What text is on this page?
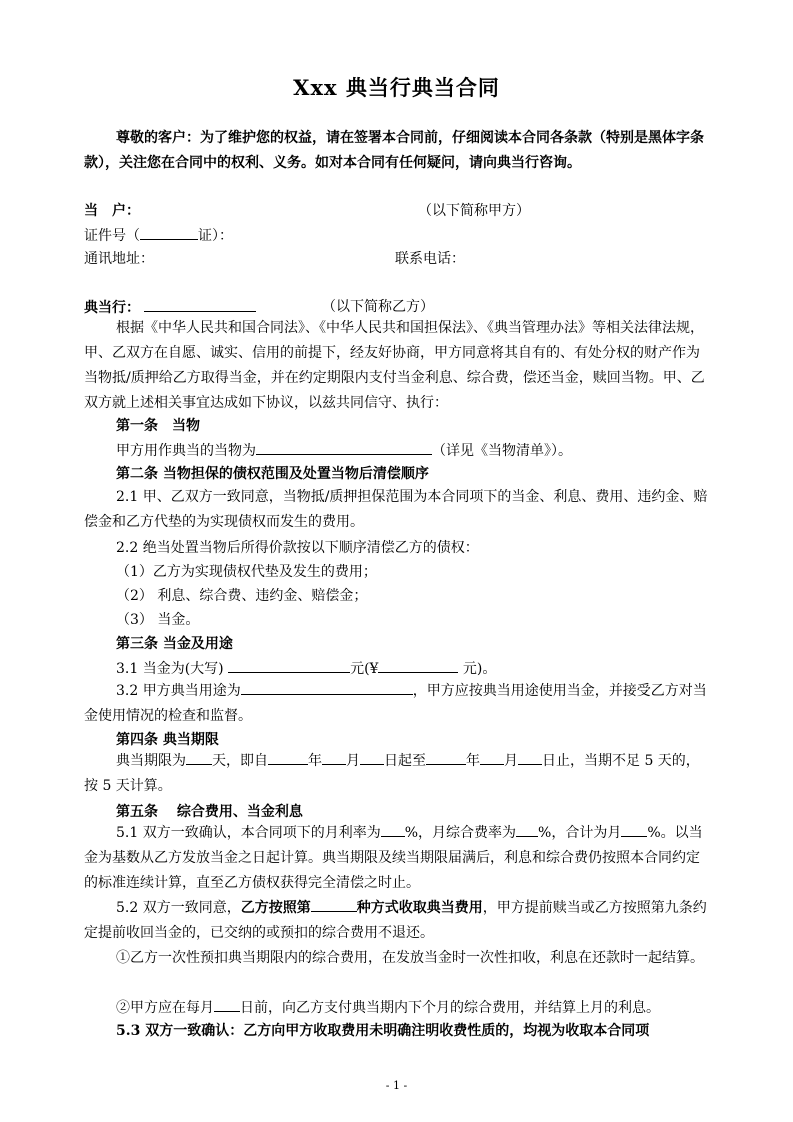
Xxx 典当行典当合同
尊敬的客户：为了维护您的权益，请在签署本合同前，仔细阅读本合同各条款（特别是黑体字条款），关注您在合同中的权利、义务。如对本合同有任何疑问，请向典当行咨询。
当　户：	（以下简称甲方）
证件号（	证）：
通讯地址：	联系电话：
典当行：	（以下简称乙方）
根据《中华人民共和国合同法》、《中华人民共和国担保法》、《典当管理办法》等相关法律法规，甲、乙双方在自愿、诚实、信用的前提下，经友好协商，甲方同意将其自有的、有处分权的财产作为当物抵/质押给乙方取得当金，并在约定期限内支付当金利息、综合费，偿还当金，赎回当物。甲、乙双方就上述相关事宜达成如下协议，以兹共同信守、执行：
第一条　当物
甲方用作典当的当物为	（详见《当物清单》）。
第二条 当物担保的债权范围及处置当物后清偿顺序
2.1 甲、乙双方一致同意，当物抵/质押担保范围为本合同项下的当金、利息、费用、违约金、赔偿金和乙方代垫的为实现债权而发生的费用。
2.2 绝当处置当物后所得价款按以下顺序清偿乙方的债权：
（1）乙方为实现债权代垫及发生的费用；
（2） 利息、综合费、违约金、赔偿金；
（3） 当金。
第三条 当金及用途
3.1 当金为(大写)	元(¥	元)。
3.2 甲方典当用途为	，甲方应按典当用途使用当金，并接受乙方对当金使用情况的检查和监督。
第四条 典当期限
典当期限为 天，即自	年 月 日起至	年 月 日止，当期不足 5 天的，按 5 天计算。
第五条　 综合费用、当金利息
5.1 双方一致确认，本合同项下的月利率为 %，月综合费率为 %，合计为月 %。以当金为基数从乙方发放当金之日起计算。典当期限及续当期限届满后，利息和综合费仍按照本合同约定的标准连续计算，直至乙方债权获得完全清偿之时止。
5.2 双方一致同意，乙方按照第	种方式收取典当费用，甲方提前赎当或乙方按照第九条约定提前收回当金的，已交纳的或预扣的综合费用不退还。
①乙方一次性预扣典当期限内的综合费用，在发放当金时一次性扣收，利息在还款时一起结算。
②甲方应在每月 日前，向乙方支付典当期内下个月的综合费用，并结算上月的利息。
5.3 双方一致确认：乙方向甲方收取费用未明确注明收费性质的，均视为收取本合同项
- 1 -
